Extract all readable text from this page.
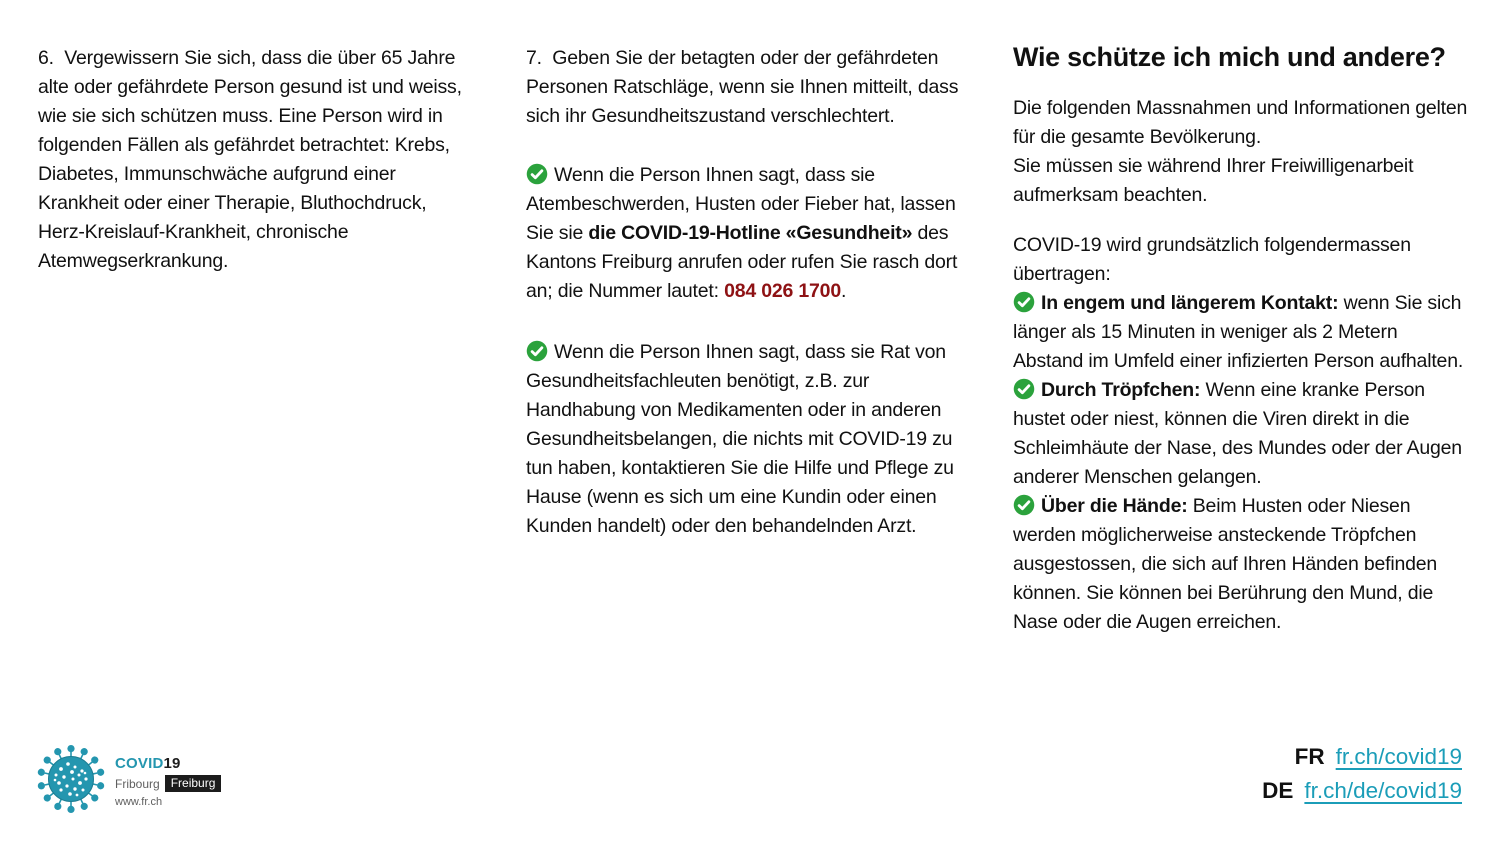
6.  Vergewissern Sie sich, dass die über 65 Jahre alte oder gefährdete Person gesund ist und weiss, wie sie sich schützen muss. Eine Person wird in folgenden Fällen als gefährdet betrachtet: Krebs, Diabetes, Immunschwäche aufgrund einer Krankheit oder einer Therapie, Bluthochdruck, Herz-Kreislauf-Krankheit, chronische Atemwegserkrankung.

7.  Geben Sie der betagten oder der gefährdeten Personen Ratschläge, wenn sie Ihnen mitteilt, dass sich ihr Gesundheitszustand verschlechtert.

Wenn die Person Ihnen sagt, dass sie Atembeschwerden, Husten oder Fieber hat, lassen Sie sie die COVID-19-Hotline «Gesundheit» des Kantons Freiburg anrufen oder rufen Sie rasch dort an; die Nummer lautet: 084 026 1700.

Wenn die Person Ihnen sagt, dass sie Rat von Gesundheitsfachleuten benötigt, z.B. zur Handhabung von Medikamenten oder in anderen Gesundheitsbelangen, die nichts mit COVID-19 zu tun haben, kontaktieren Sie die Hilfe und Pflege zu Hause (wenn es sich um eine Kundin oder einen Kunden handelt) oder den behandelnden Arzt.

Wie schütze ich mich und andere?

Die folgenden Massnahmen und Informationen gelten für die gesamte Bevölkerung.
Sie müssen sie während Ihrer Freiwilligenarbeit aufmerksam beachten.

COVID-19 wird grundsätzlich folgendermassen übertragen:

In engem und längerem Kontakt: wenn Sie sich länger als 15 Minuten in weniger als 2 Metern Abstand im Umfeld einer infizierten Person aufhalten.

Durch Tröpfchen: Wenn eine kranke Person hustet oder niest, können die Viren direkt in die Schleimhäute der Nase, des Mundes oder der Augen anderer Menschen gelangen.

Über die Hände: Beim Husten oder Niesen werden möglicherweise ansteckende Tröpfchen ausgestossen, die sich auf Ihren Händen befinden können. Sie können bei Berührung den Mund, die Nase oder die Augen erreichen.

COVID19
Fribourg Freiburg
www.fr.ch
FR fr.ch/covid19
DE fr.ch/de/covid19
